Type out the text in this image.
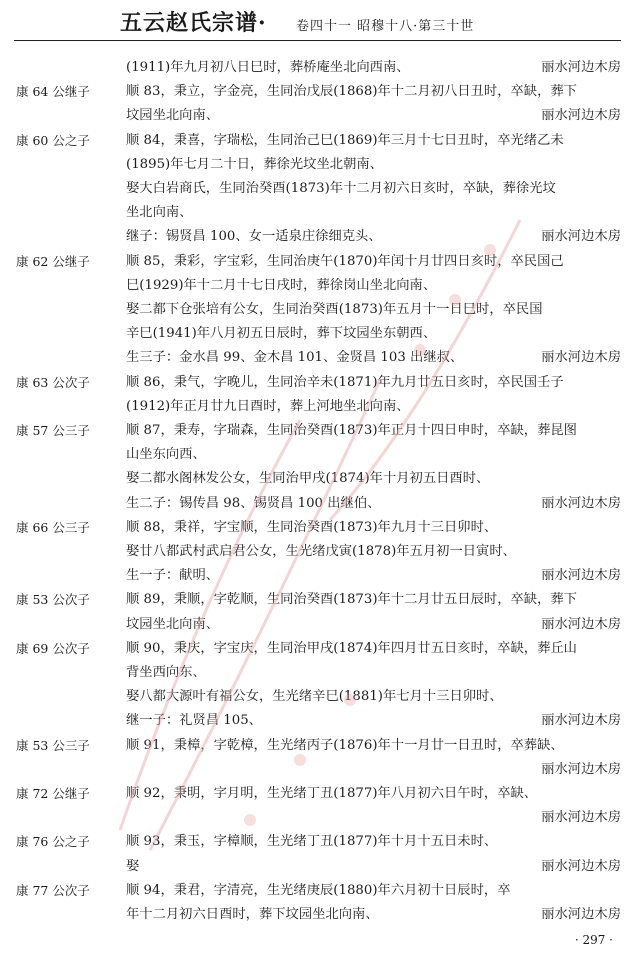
五云赵氏宗谱· 卷四十一 昭穆十八·第三十世
(1911)年九月初八日巳时，葬桥庵坐北向西南、	丽水河边木房
康 64 公继子	顺 83，秉立，字金亮，生同治戊辰(1868)年十二月初八日丑时，卒缺，葬下
坟园坐北向南、	丽水河边木房
康 60 公之子	顺 84，秉喜，字瑞松，生同治己巳(1869)年三月十七日丑时，卒光绪乙未
(1895)年七月二十日，葬徐光坟坐北朝南、
娶大白岩商氏，生同治癸酉(1873)年十二月初六日亥时，卒缺，葬徐光坟
坐北向南、
继子：锡贤昌 100、女一适泉庄徐细克头、	丽水河边木房
康 62 公继子	顺 85，秉彩，字宝彩，生同治庚午(1870)年闰十月廿四日亥时，卒民国己
巳(1929)年十二月十七日戌时，葬徐岗山坐北向南、
娶二都下仓张培有公女，生同治癸酉(1873)年五月十一日巳时，卒民国
辛巳(1941)年八月初五日辰时，葬下坟园坐东朝西、
生三子：金水昌 99、金木昌 101、金贤昌 103 出继叔、	丽水河边木房
康 63 公次子	顺 86，秉气，字晚儿，生同治辛未(1871)年九月廿五日亥时，卒民国壬子
(1912)年正月廿九日酉时，葬上河地坐北向南、
康 57 公三子	顺 87，秉寿，字瑞森，生同治癸酉(1873)年正月十四日申时，卒缺，葬昆图
山坐东向西、
娶二都水阁林发公女，生同治甲戌(1874)年十月初五日酉时、
生二子：锡传昌 98、锡贤昌 100 出继伯、	丽水河边木房
康 66 公三子	顺 88，秉祥，字宝顺，生同治癸酉(1873)年九月十三日卯时、
娶廿八都武村武启君公女，生光绪戊寅(1878)年五月初一日寅时、
生一子：献明、	丽水河边木房
康 53 公次子	顺 89，秉顺，字乾顺，生同治癸酉(1873)年十二月廿五日辰时，卒缺，葬下
坟园坐北向南、	丽水河边木房
康 69 公次子	顺 90，秉庆，字宝庆，生同治甲戌(1874)年四月廿五日亥时，卒缺，葬丘山
背坐西向东、
娶八都大源叶有福公女，生光绪辛巳(1881)年七月十三日卯时、
继一子：礼贤昌 105、	丽水河边木房
康 53 公三子	顺 91，秉樟，字乾樟，生光绪丙子(1876)年十一月廿一日丑时，卒葬缺、
丽水河边木房
康 72 公继子	顺 92，秉明，字月明，生光绪丁丑(1877)年八月初六日午时，卒缺、
丽水河边木房
康 76 公之子	顺 93，秉玉，字樟顺，生光绪丁丑(1877)年十月十五日未时、
娶	丽水河边木房
康 77 公次子	顺 94，秉君，字清亮，生光绪庚辰(1880)年六月初十日辰时，卒
年十二月初六日酉时，葬下坟园坐北向南、	丽水河边木房
· 297 ·
